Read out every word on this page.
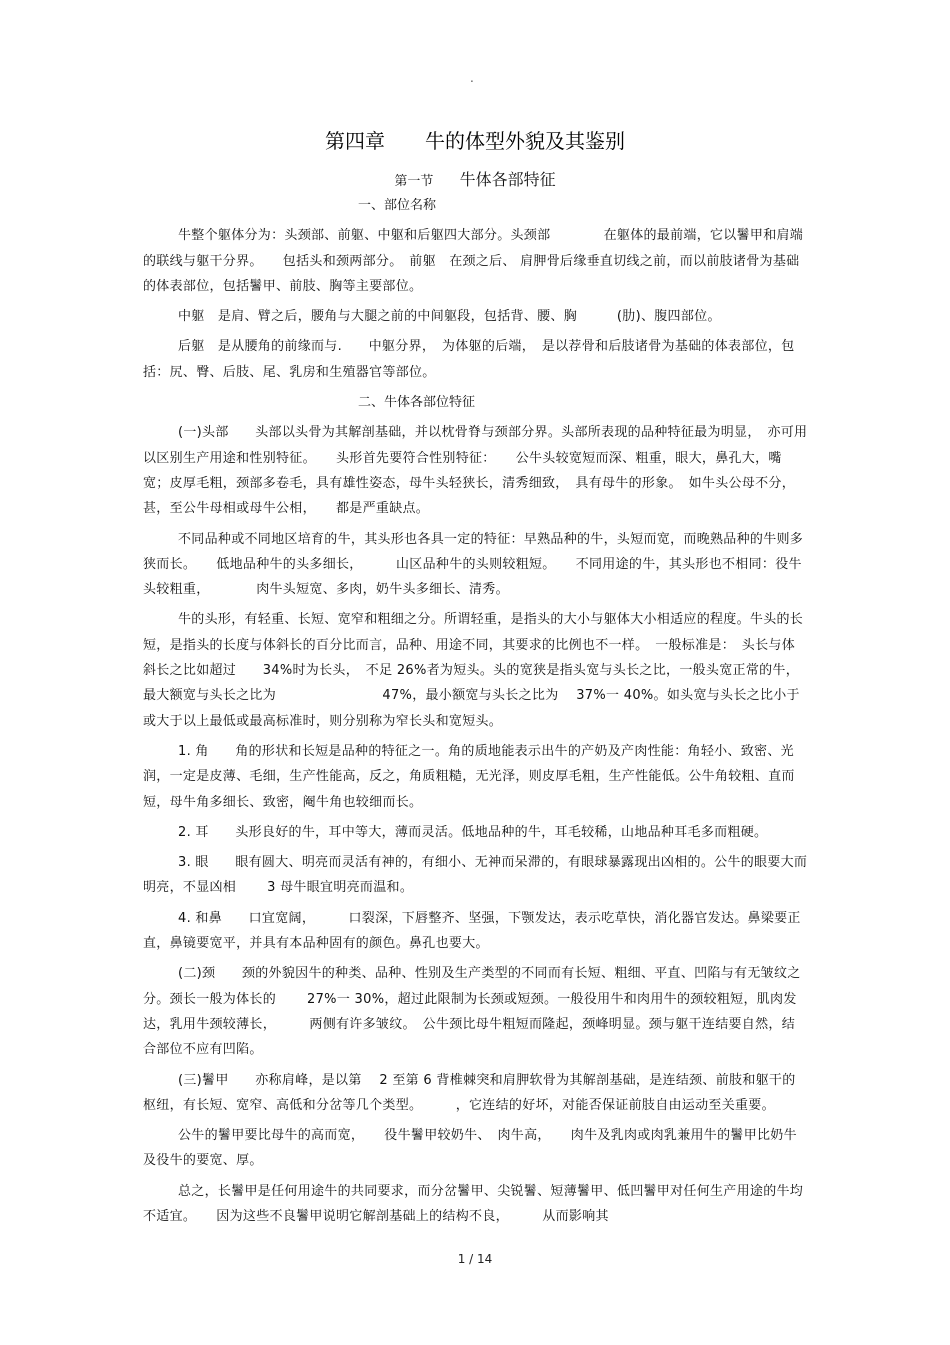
.
第四章　　牛的体型外貌及其鉴别
第一节 　 牛体各部特征

一、部位名称

牛整个躯体分为：头颈部、前躯、中躯和后躯四大部分。头颈部　　　　在躯体的最前端，它以鬐甲和肩端的联线与躯干分界。　　包括头和颈两部分。　前躯　在颈之后、 肩胛骨后缘垂直切线之前，而以前肢诸骨为基础的体表部位，包括鬐甲、前肢、胸等主要部位。

中躯　是肩、臂之后，腰角与大腿之前的中间躯段，包括背、腰、胸　　　(肋)、腹四部位。

后躯　是从腰角的前缘而与.　　中躯分界，　为体躯的后端，　是以荐骨和后肢诸骨为基础的体表部位，包括：尻、臀、后肢、尾、乳房和生殖器官等部位。

二、牛体各部位特征

(一)头部　　头部以头骨为其解剖基础，并以枕骨脊与颈部分界。头部所表现的品种特征最为明显，　亦可用以区别生产用途和性别特征。　　头形首先要符合性别特征：　　公牛头较宽短而深、粗重，眼大，鼻孔大，嘴宽；皮厚毛粗，颈部多卷毛，具有雄性姿态，母牛头轻狭长，清秀细致，　具有母牛的形象。　如牛头公母不分，　甚，至公牛母相或母牛公相，　　都是严重缺点。

不同品种或不同地区培育的牛，其头形也各具一定的特征：早熟品种的牛，头短而宽，而晚熟品种的牛则多狭而长。　　低地品种牛的头多细长，　　　山区品种牛的头则较粗短。　　不同用途的牛，其头形也不相同：役牛头较粗重，　　　　肉牛头短宽、多肉，奶牛头多细长、清秀。

牛的头形，有轻重、长短、宽窄和粗细之分。所谓轻重，是指头的大小与躯体大小相适应的程度。牛头的长短，是指头的长度与体斜长的百分比而言，品种、用途不同，其要求的比例也不一样。　一般标准是：　头长与体斜长之比如超过　　34%时为长头，　不足 26%者为短头。头的宽狭是指头宽与头长之比，一般头宽正常的牛，最大额宽与头长之比为　　　　　　　　47%，最小额宽与头长之比为　 37%一 40%。如头宽与头长之比小于或大于以上最低或最高标准时，则分别称为窄长头和宽短头。

1. 角　　角的形状和长短是品种的特征之一。角的质地能表示出牛的产奶及产肉性能：角轻小、致密、光润，一定是皮薄、毛细，生产性能高，反之，角质粗糙，无光泽，则皮厚毛粗，生产性能低。公牛角较粗、直而短，母牛角多细长、致密，阉牛角也较细而长。

2. 耳　　头形良好的牛，耳中等大，薄而灵活。低地品种的牛，耳毛较稀，山地品种耳毛多而粗硬。

3. 眼　　眼有圆大、明亮而灵活有神的，有细小、无神而呆滞的，有眼球暴露现出凶相的。公牛的眼要大而明亮，不显凶相　　 3 母牛眼宜明亮而温和。

4. 和鼻　　口宜宽阔，　　　口裂深，下唇整齐、坚强，下颚发达，表示吃草快，消化器官发达。鼻梁要正直，鼻镜要宽平，并具有本品种固有的颜色。鼻孔也要大。

(二)颈　　颈的外貌因牛的种类、品种、性别及生产类型的不同而有长短、粗细、平直、凹陷与有无皱纹之分。颈长一般为体长的　　 27%一 30%，超过此限制为长颈或短颈。一般役用牛和肉用牛的颈较粗短，肌肉发达，乳用牛颈较薄长，　　　两侧有许多皱纹。　公牛颈比母牛粗短而隆起，颈峰明显。颈与躯干连结要自然，结合部位不应有凹陷。

(三)鬐甲　　亦称肩峰，是以第　 2 至第 6 背椎棘突和肩胛软骨为其解剖基础，是连结颈、前肢和躯干的枢纽，有长短、宽窄、高低和分岔等几个类型。　　　，它连结的好坏，对能否保证前肢自由运动至关重要。

公牛的鬐甲要比母牛的高而宽，　　役牛鬐甲较奶牛、　肉牛高，　　肉牛及乳肉或肉乳兼用牛的鬐甲比奶牛及役牛的要宽、厚。

总之，长鬐甲是任何用途牛的共同要求，而分岔鬐甲、尖锐鬐、短薄鬐甲、低凹鬐甲对任何生产用途的牛均不适宜。　　因为这些不良鬐甲说明它解剖基础上的结构不良，　　　从而影响其

1 / 14
